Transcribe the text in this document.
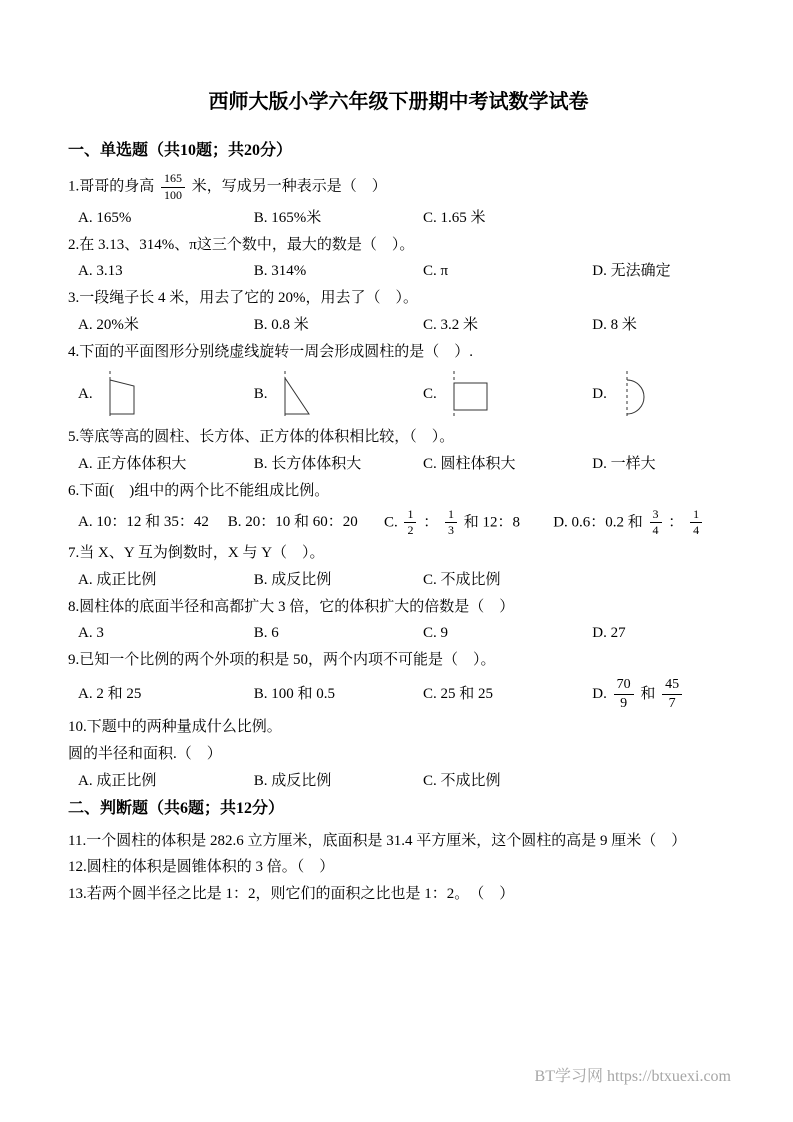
西师大版小学六年级下册期中考试数学试卷
一、单选题（共10题；共20分）

1.哥哥的身高 $\frac{165}{100}$ 米，写成另一种表示是（　）

A. 165%	B. 165%米	C. 1.65 米

2.在 3.13、314%、π这三个数中，最大的数是（　）。

A. 3.13	B. 314%	C. π	D. 无法确定

3.一段绳子长 4 米，用去了它的 20%，用去了（　）。

A. 20%米	B. 0.8 米	C. 3.2 米	D. 8 米

4.下面的平面图形分别绕虚线旋转一周会形成圆柱的是（　）.

A.	B.	C.	D.

5.等底等高的圆柱、长方体、正方体的体积相比较，（　）。

A. 正方体体积大	B. 长方体体积大	C. 圆柱体积大	D. 一样大

6.下面(　)组中的两个比不能组成比例。

A. 10：12 和 35：42	B. 20：10 和 60：20	C. $\frac{1}{2}$ ： $\frac{1}{3}$ 和 12：8	D. 0.6：0.2 和 $\frac{3}{4}$ ： $\frac{1}{4}$

7.当 X、Y 互为倒数时，X 与 Y（　）。

A. 成正比例	B. 成反比例	C. 不成比例

8.圆柱体的底面半径和高都扩大 3 倍，它的体积扩大的倍数是（　）

A. 3	B. 6	C. 9	D. 27

9.已知一个比例的两个外项的积是 50，两个内项不可能是（　）。

A. 2 和 25	B. 100 和 0.5	C. 25 和 25	D. $\frac{70}{9}$ 和 $\frac{45}{7}$

10.下题中的两种量成什么比例。

圆的半径和面积.（　）

A. 成正比例	B. 成反比例	C. 不成比例
二、判断题（共6题；共12分）

11.一个圆柱的体积是 282.6 立方厘米，底面积是 31.4 平方厘米，这个圆柱的高是 9 厘米（　）

12.圆柱的体积是圆锥体积的 3 倍。（　）

13.若两个圆半径之比是 1：2，则它们的面积之比也是 1：2。　（　）

BT学习网 https://btxuexi.com
